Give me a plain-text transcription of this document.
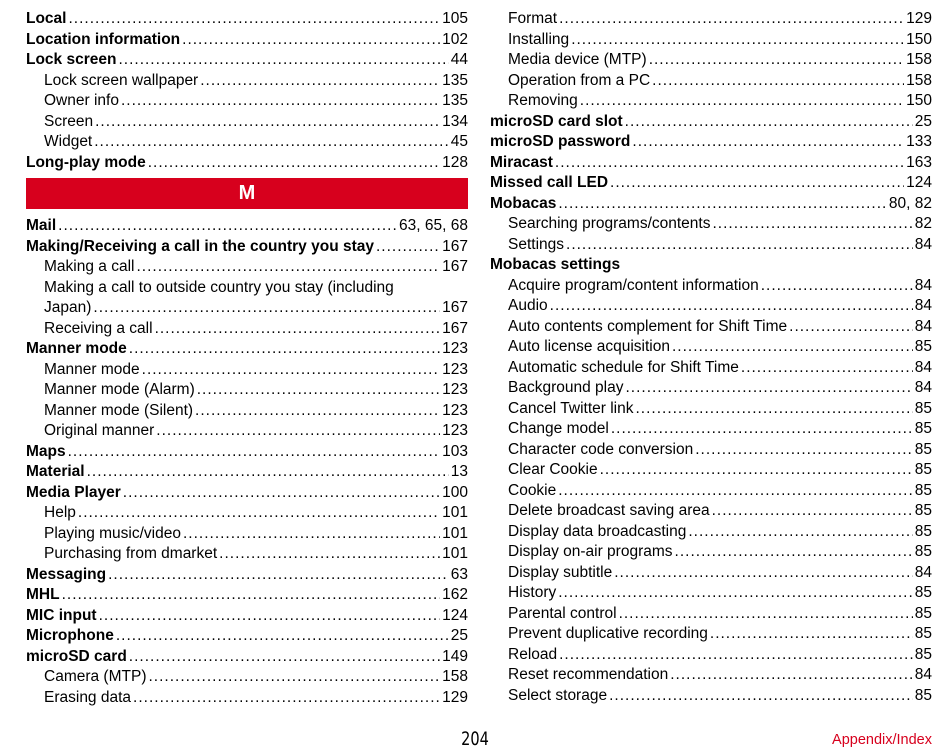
Local .....	105
Location information .....	102
Lock screen .....	44
Lock screen wallpaper .....	135
Owner info .....	135
Screen .....	134
Widget .....	45
Long-play mode .....	128
M
Mail .....	63, 65, 68
Making/Receiving a call in the country you stay .....	167
Making a call .....	167
Making a call to outside country you stay (including
Japan) .....	167
Receiving a call .....	167
Manner mode .....	123
Manner mode .....	123
Manner mode (Alarm) .....	123
Manner mode (Silent) .....	123
Original manner .....	123
Maps .....	103
Material .....	13
Media Player .....	100
Help .....	101
Playing music/video .....	101
Purchasing from dmarket .....	101
Messaging .....	63
MHL .....	162
MIC input .....	124
Microphone .....	25
microSD card .....	149
Camera (MTP) .....	158
Erasing data .....	129
Format .....	129
Installing .....	150
Media device (MTP) .....	158
Operation from a PC .....	158
Removing .....	150
microSD card slot .....	25
microSD password .....	133
Miracast .....	163
Missed call LED .....	124
Mobacas .....	80, 82
Searching programs/contents .....	82
Settings .....	84
Mobacas settings
Acquire program/content information .....	84
Audio .....	84
Auto contents complement for Shift Time .....	84
Auto license acquisition .....	85
Automatic schedule for Shift Time .....	84
Background play .....	84
Cancel Twitter link .....	85
Change model .....	85
Character code conversion .....	85
Clear Cookie .....	85
Cookie .....	85
Delete broadcast saving area .....	85
Display data broadcasting .....	85
Display on-air programs .....	85
Display subtitle .....	84
History .....	85
Parental control .....	85
Prevent duplicative recording .....	85
Reload .....	85
Reset recommendation .....	84
Select storage .....	85
204	Appendix/Index
